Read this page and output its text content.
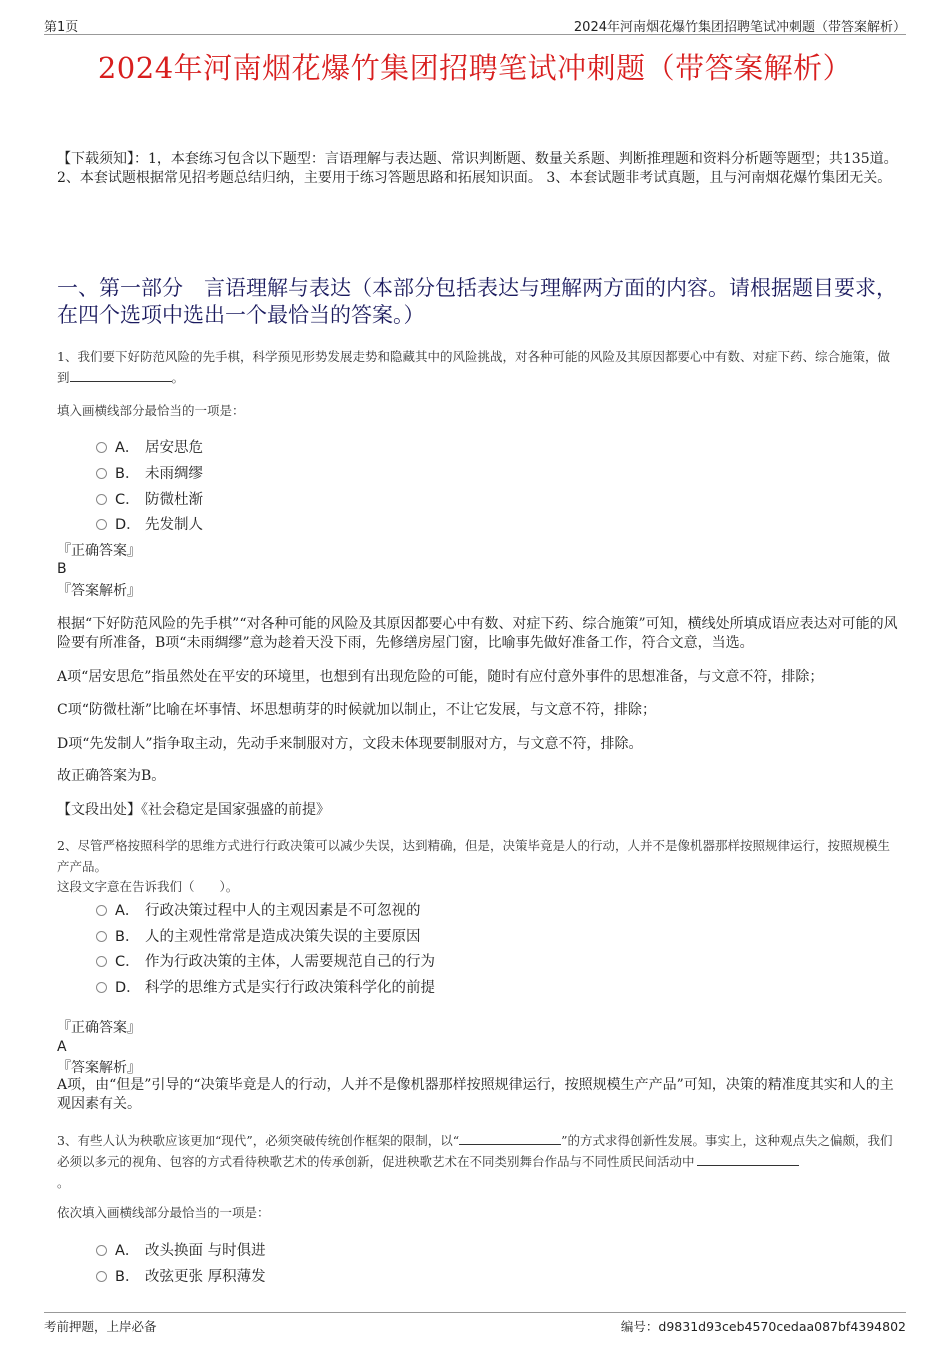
第1页	2024年河南烟花爆竹集团招聘笔试冲刺题（带答案解析）
2024年河南烟花爆竹集团招聘笔试冲刺题（带答案解析）
【下载须知】：1，本套练习包含以下题型：言语理解与表达题、常识判断题、数量关系题、判断推理题和资料分析题等题型；共135道。 2、本套试题根据常见招考题总结归纳，主要用于练习答题思路和拓展知识面。 3、本套试题非考试真题，且与河南烟花爆竹集团无关。
一、第一部分　言语理解与表达（本部分包括表达与理解两方面的内容。请根据题目要求，在四个选项中选出一个最恰当的答案。）
1、我们要下好防范风险的先手棋，科学预见形势发展走势和隐藏其中的风险挑战，对各种可能的风险及其原因都要心中有数、对症下药、综合施策，做到	。
填入画横线部分最恰当的一项是：
A． 居安思危
B． 未雨绸缪
C． 防微杜渐
D． 先发制人
『正确答案』
B
『答案解析』
根据“下好防范风险的先手棋”“对各种可能的风险及其原因都要心中有数、对症下药、综合施策”可知，横线处所填成语应表达对可能的风险要有所准备，B项“未雨绸缪”意为趁着天没下雨，先修缮房屋门窗，比喻事先做好准备工作，符合文意，当选。
A项“居安思危”指虽然处在平安的环境里，也想到有出现危险的可能，随时有应付意外事件的思想准备，与文意不符，排除；
C项“防微杜渐”比喻在坏事情、坏思想萌芽的时候就加以制止，不让它发展，与文意不符，排除；
D项“先发制人”指争取主动，先动手来制服对方，文段未体现要制服对方，与文意不符，排除。
故正确答案为B。
【文段出处】《社会稳定是国家强盛的前提》
2、尽管严格按照科学的思维方式进行行政决策可以减少失误，达到精确，但是，决策毕竟是人的行动，人并不是像机器那样按照规律运行，按照规模生产产品。
这段文字意在告诉我们（　　）。
A． 行政决策过程中人的主观因素是不可忽视的
B． 人的主观性常常是造成决策失误的主要原因
C． 作为行政决策的主体，人需要规范自己的行为
D． 科学的思维方式是实行行政决策科学化的前提
『正确答案』
A
『答案解析』
A项，由“但是”引导的“决策毕竟是人的行动，人并不是像机器那样按照规律运行，按照规模生产产品”可知，决策的精准度其实和人的主观因素有关。
3、有些人认为秧歌应该更加“现代”，必须突破传统创作框架的限制，以“	”的方式求得创新性发展。事实上，这种观点失之偏颇，我们必须以多元的视角、包容的方式看待秧歌艺术的传承创新，促进秧歌艺术在不同类别舞台作品与不同性质民间活动中
。
依次填入画横线部分最恰当的一项是：
A． 改头换面 与时俱进
B． 改弦更张 厚积薄发
考前押题，上岸必备	编号：d9831d93ceb4570cedaa087bf4394802
